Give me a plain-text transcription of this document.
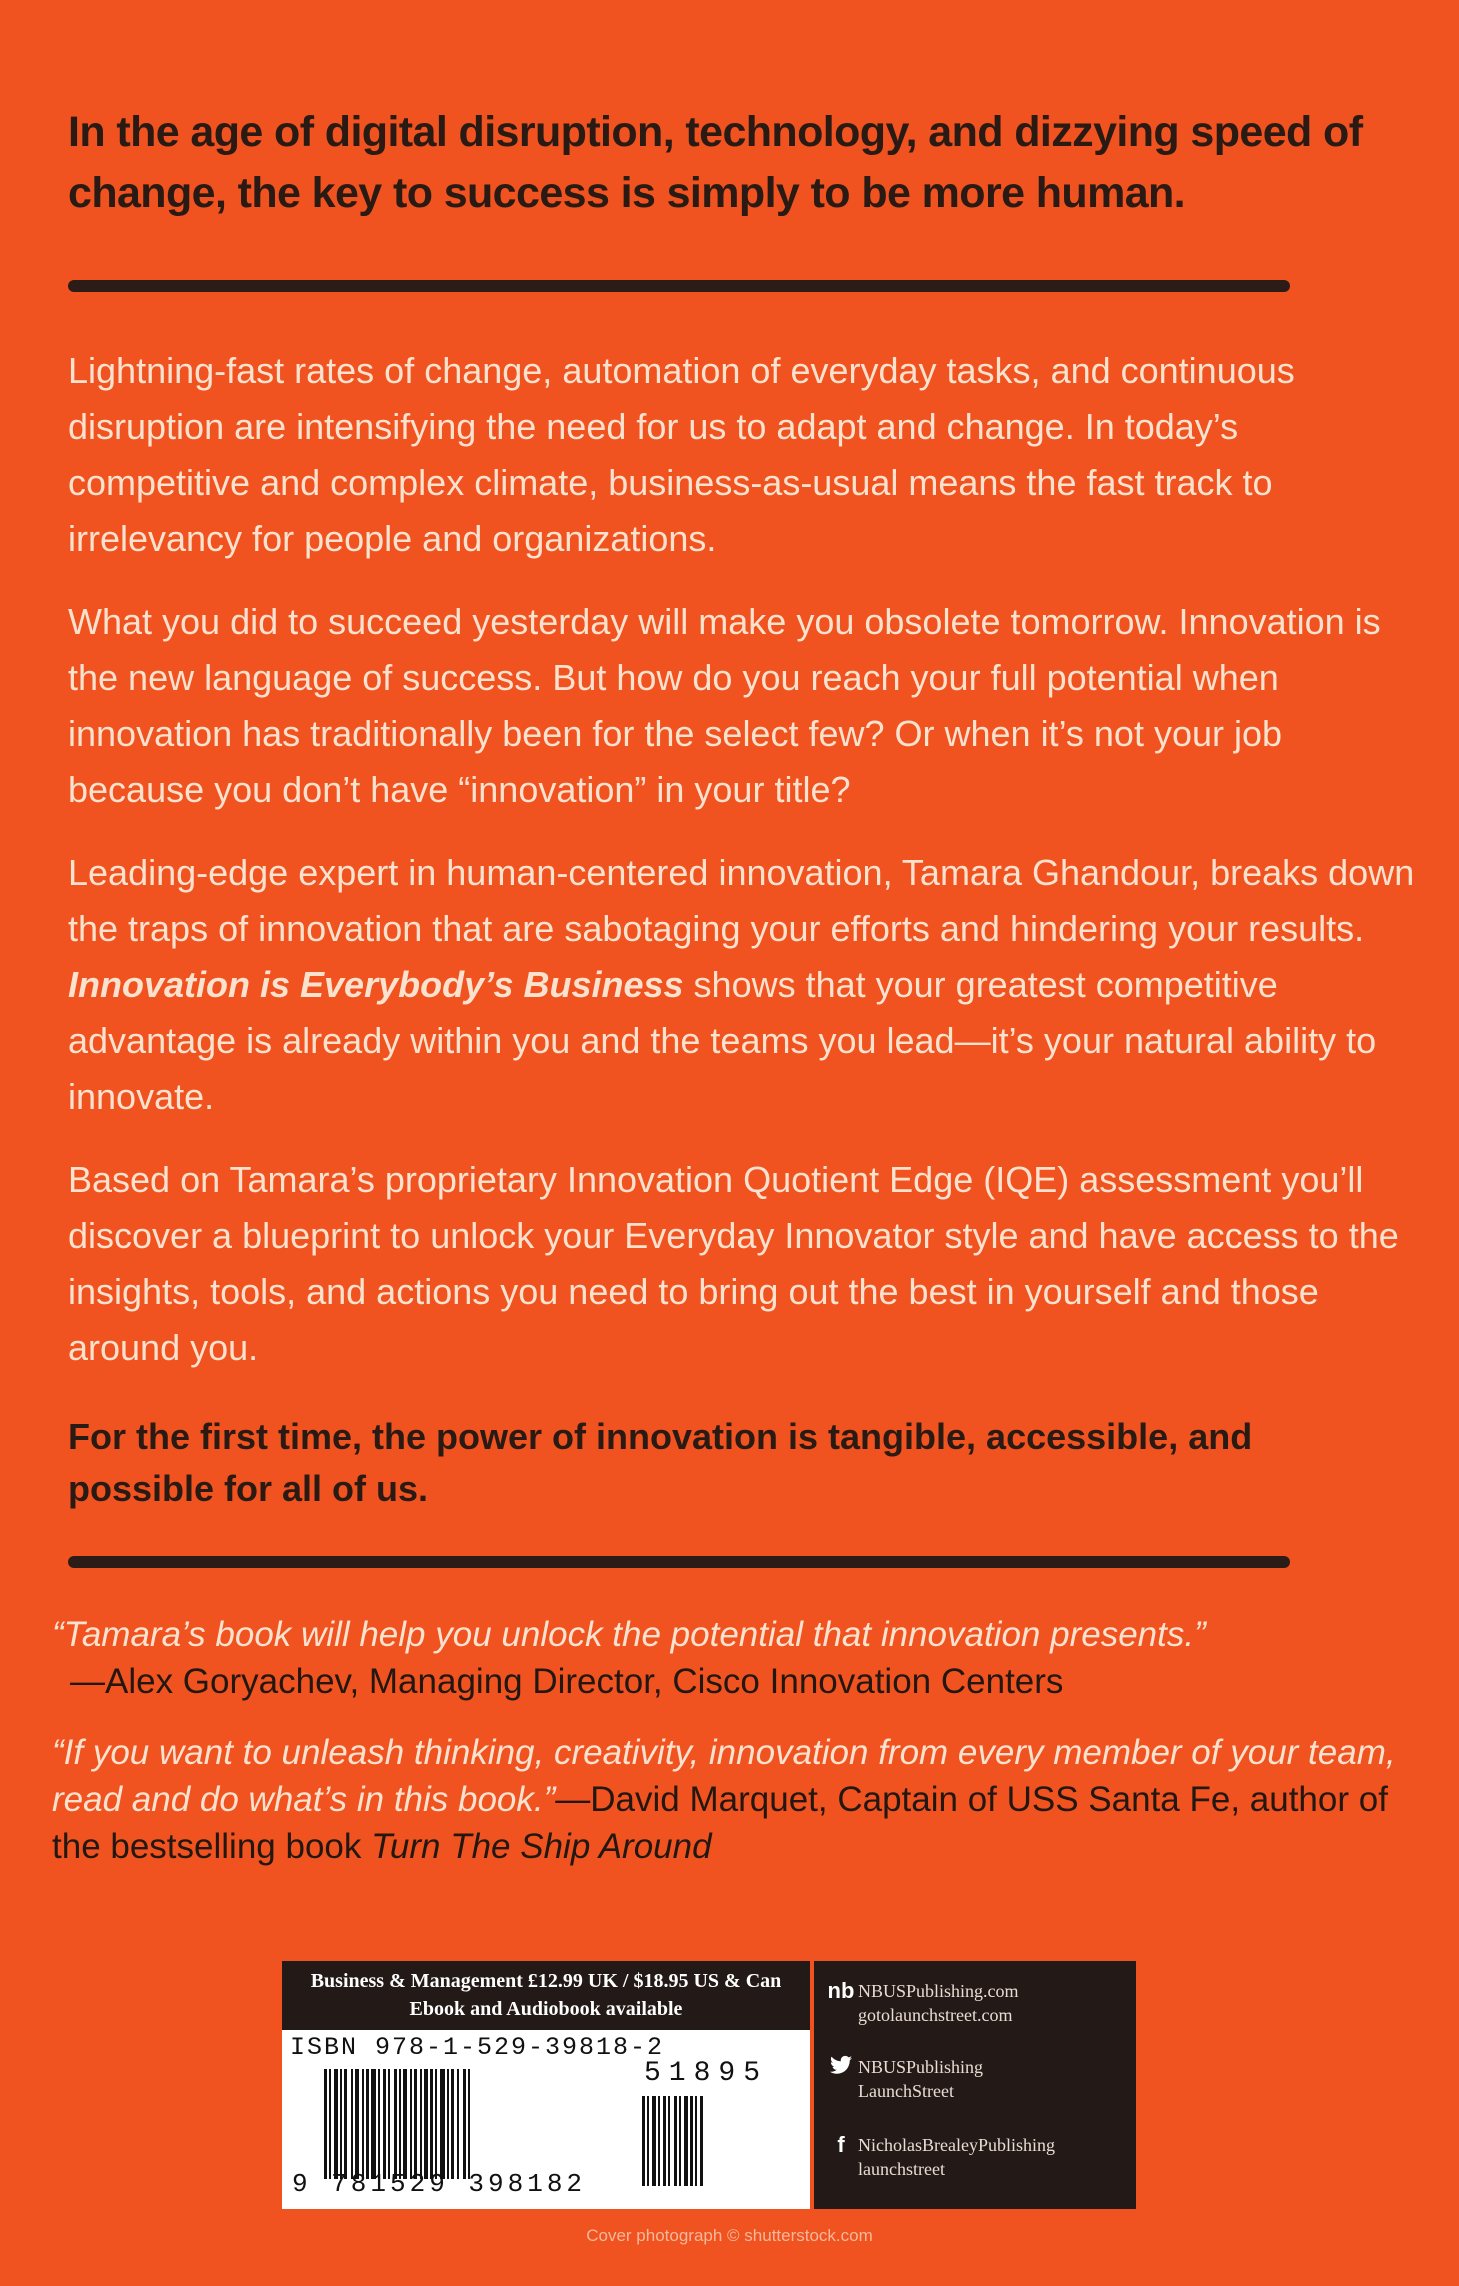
In the age of digital disruption, technology, and dizzying speed of change, the key to success is simply to be more human.

Lightning-fast rates of change, automation of everyday tasks, and continuous disruption are intensifying the need for us to adapt and change. In today’s competitive and complex climate, business-as-usual means the fast track to irrelevancy for people and organizations.

What you did to succeed yesterday will make you obsolete tomorrow. Innovation is the new language of success. But how do you reach your full potential when innovation has traditionally been for the select few? Or when it’s not your job because you don’t have “innovation” in your title?

Leading-edge expert in human-centered innovation, Tamara Ghandour, breaks down the traps of innovation that are sabotaging your efforts and hindering your results. Innovation is Everybody’s Business shows that your greatest competitive advantage is already within you and the teams you lead—it’s your natural ability to innovate.

Based on Tamara’s proprietary Innovation Quotient Edge (IQE) assessment you’ll discover a blueprint to unlock your Everyday Innovator style and have access to the insights, tools, and actions you need to bring out the best in yourself and those around you.

For the first time, the power of innovation is tangible, accessible, and possible for all of us.

“Tamara’s book will help you unlock the potential that innovation presents.”
—Alex Goryachev, Managing Director, Cisco Innovation Centers

“If you want to unleash thinking, creativity, innovation from every member of your team, read and do what’s in this book.”—David Marquet, Captain of USS Santa Fe, author of the bestselling book Turn The Ship Around

Business & Management £12.99 UK / $18.95 US & Can
Ebook and Audiobook available
ISBN 978-1-529-39818-2
51895
9 781529 398182
nb NBUSPublishing.com
gotolaunchstreet.com
NBUSPublishing
LaunchStreet
f NicholasBrealeyPublishing
launchstreet

Cover photograph © shutterstock.com
